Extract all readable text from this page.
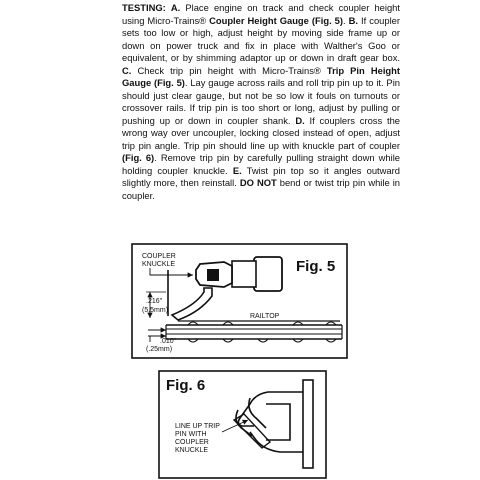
TESTING: A. Place engine on track and check coupler height using Micro-Trains® Coupler Height Gauge (Fig. 5). B. If coupler sets too low or high, adjust height by moving side frame up or down on power truck and fix in place with Walther's Goo or equivalent, or by shimming adaptor up or down in draft gear box. C. Check trip pin height with Micro-Trains® Trip Pin Height Gauge (Fig. 5). Lay gauge across rails and roll trip pin up to it. Pin should just clear gauge, but not be so low it fouls on turnouts or crossover rails. If trip pin is too short or long, adjust by pulling or pushing up or down in coupler shank. D. If couplers cross the wrong way over uncoupler, locking closed instead of open, adjust trip pin angle. Trip pin should line up with knuckle part of coupler (Fig. 6). Remove trip pin by carefully pulling straight down while holding coupler knuckle. E. Twist pin top so it angles outward slightly more, then reinstall. DO NOT bend or twist trip pin while in coupler.

Fig. 5
COUPLER
KNUCKLE
.216"
(5.5mm)
RAILTOP
.010"
(.25mm)
Fig. 6
LINE UP TRIP
PIN WITH
COUPLER
KNUCKLE
